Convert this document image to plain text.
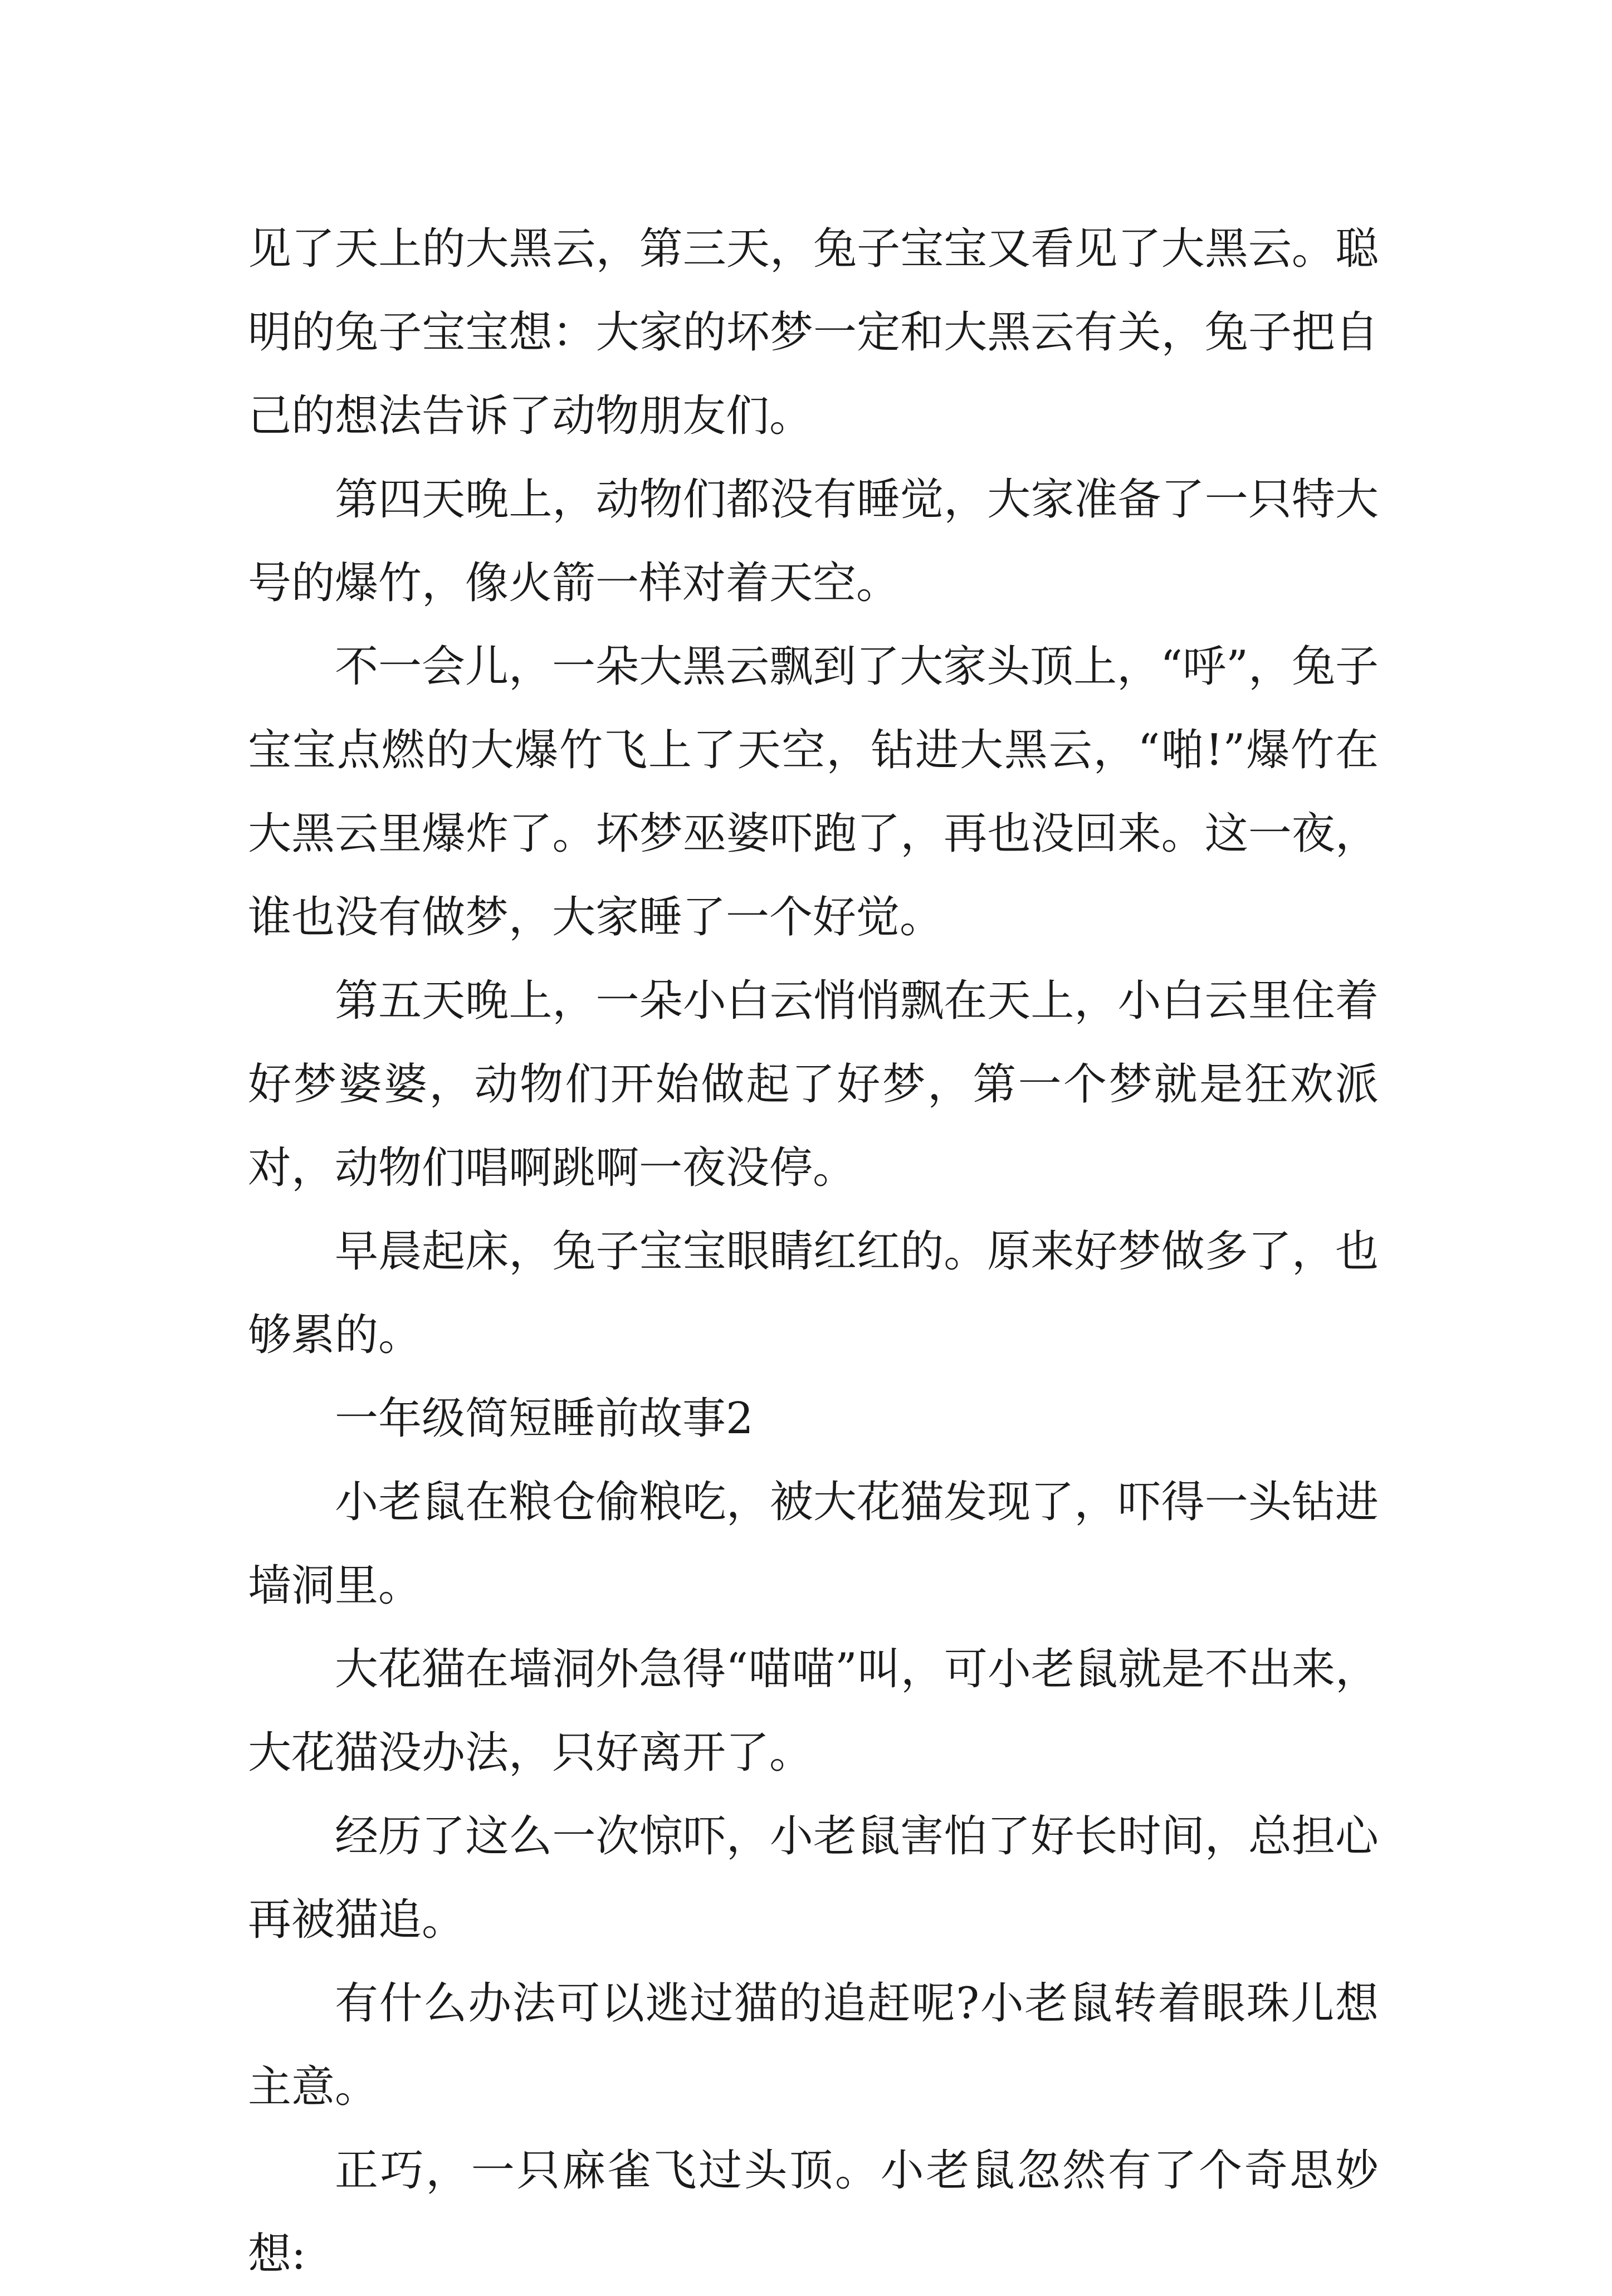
见了天上的大黑云，第三天，兔子宝宝又看见了大黑云。聪明的兔子宝宝想：大家的坏梦一定和大黑云有关，兔子把自己的想法告诉了动物朋友们。

第四天晚上，动物们都没有睡觉，大家准备了一只特大号的爆竹，像火箭一样对着天空。

不一会儿，一朵大黑云飘到了大家头顶上，“呼”，兔子宝宝点燃的大爆竹飞上了天空，钻进大黑云，“啪!”爆竹在大黑云里爆炸了。坏梦巫婆吓跑了，再也没回来。这一夜，谁也没有做梦，大家睡了一个好觉。

第五天晚上，一朵小白云悄悄飘在天上，小白云里住着好梦婆婆，动物们开始做起了好梦，第一个梦就是狂欢派对，动物们唱啊跳啊一夜没停。

早晨起床，兔子宝宝眼睛红红的。原来好梦做多了，也够累的。

一年级简短睡前故事2

小老鼠在粮仓偷粮吃，被大花猫发现了，吓得一头钻进墙洞里。

大花猫在墙洞外急得“喵喵”叫，可小老鼠就是不出来，大花猫没办法，只好离开了。

经历了这么一次惊吓，小老鼠害怕了好长时间，总担心再被猫追。

有什么办法可以逃过猫的追赶呢?小老鼠转着眼珠儿想主意。

正巧，一只麻雀飞过头顶。小老鼠忽然有了个奇思妙想:
